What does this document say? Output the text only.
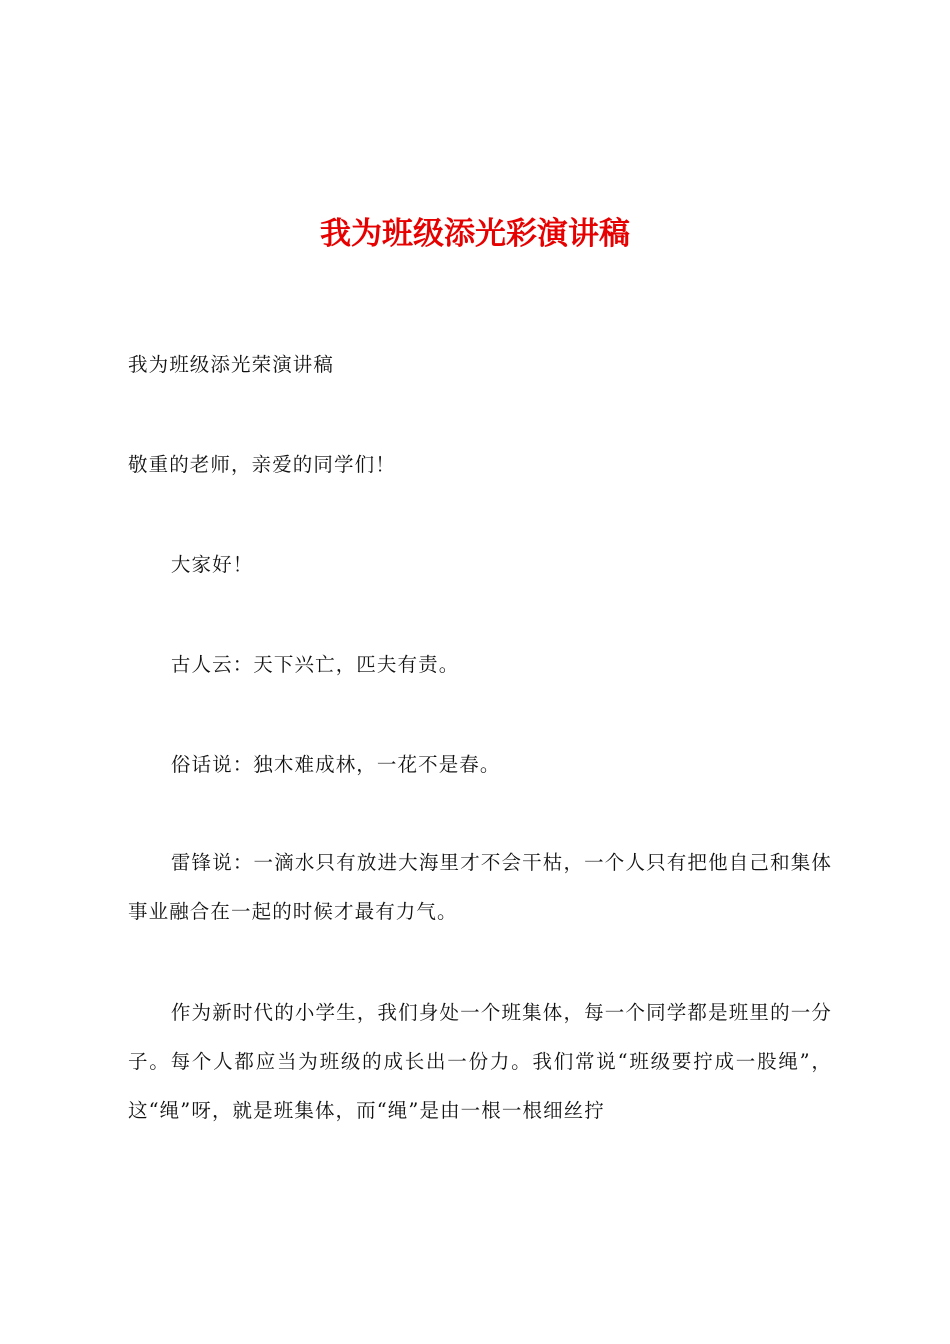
我为班级添光彩演讲稿

我为班级添光荣演讲稿

敬重的老师，亲爱的同学们！

大家好！

古人云：天下兴亡，匹夫有责。

俗话说：独木难成林，一花不是春。

雷锋说：一滴水只有放进大海里才不会干枯，一个人只有把他自己和集体事业融合在一起的时候才最有力气。

作为新时代的小学生，我们身处一个班集体，每一个同学都是班里的一分子。每个人都应当为班级的成长出一份力。我们常说“班级要拧成一股绳”，这“绳”呀，就是班集体，而“绳”是由一根一根细丝拧
